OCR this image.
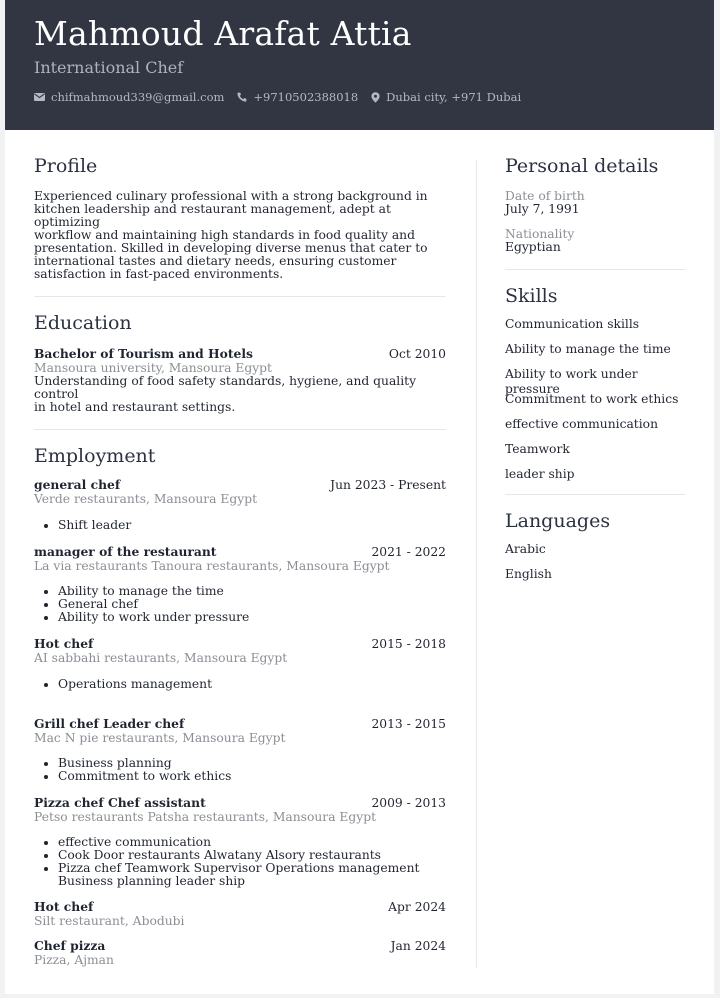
Mahmoud Arafat Attia
International Chef
chifmahmoud339@gmail.com	+9710502388018 Dubai city, +971 Dubai
Profile
Experienced culinary professional with a strong background in
kitchen leadership and restaurant management, adept at optimizing
workflow and maintaining high standards in food quality and
presentation. Skilled in developing diverse menus that cater to
international tastes and dietary needs, ensuring customer
satisfaction in fast-paced environments.
Education
Bachelor of Tourism and Hotels	Oct 2010
Mansoura university, Mansoura Egypt
Understanding of food safety standards, hygiene, and quality control
in hotel and restaurant settings.
Employment
general chef	Jun 2023 - Present
Verde restaurants, Mansoura Egypt
• Shift leader
manager of the restaurant	2021 - 2022
La via restaurants Tanoura restaurants, Mansoura Egypt
• Ability to manage the time
• General chef
• Ability to work under pressure
Hot chef	2015 - 2018
AI sabbahi restaurants, Mansoura Egypt
• Operations management
Grill chef Leader chef	2013 - 2015
Mac N pie restaurants, Mansoura Egypt
• Business planning
• Commitment to work ethics
Pizza chef Chef assistant	2009 - 2013
Petso restaurants Patsha restaurants, Mansoura Egypt
• effective communication
• Cook Door restaurants Alwatany Alsory restaurants
• Pizza chef Teamwork Supervisor Operations management
Business planning leader ship
Hot chef	Apr 2024
Silt restaurant, Abodubi
Chef pizza	Jan 2024
Pizza, Ajman
Personal details
Date of birth
July 7, 1991
Nationality
Egyptian
Skills
Communication skills
Ability to manage the time
Ability to work under pressure
Commitment to work ethics
effective communication
Teamwork
leader ship
Languages
Arabic
English
